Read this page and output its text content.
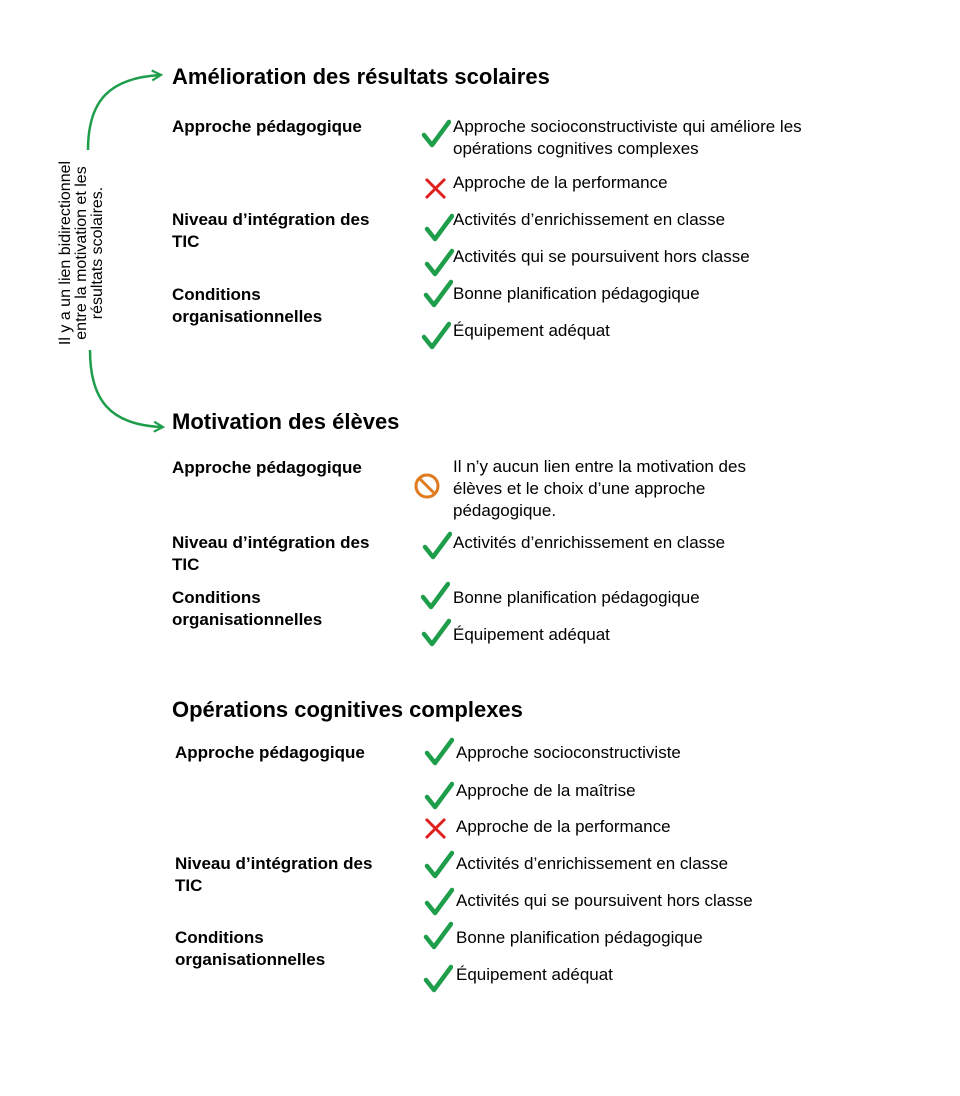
Il y a un lien bidirectionnel entre la motivation et les résultats scolaires.
Amélioration des résultats scolaires
Approche pédagogique
Niveau d’intégration des TIC
Conditions organisationnelles
Approche socioconstructiviste qui améliore les opérations cognitives complexes
Approche de la performance
Activités d’enrichissement en classe
Activités qui se poursuivent hors classe
Bonne planification pédagogique
Équipement adéquat
Motivation des élèves
Approche pédagogique
Niveau d’intégration des TIC
Conditions organisationnelles
Il n’y aucun lien entre la motivation des élèves et le choix d’une approche pédagogique.
Activités d’enrichissement en classe
Bonne planification pédagogique
Équipement adéquat
Opérations cognitives complexes
Approche pédagogique
Niveau d’intégration des TIC
Conditions organisationnelles
Approche socioconstructiviste
Approche de la maîtrise
Approche de la performance
Activités d’enrichissement en classe
Activités qui se poursuivent hors classe
Bonne planification pédagogique
Équipement adéquat
